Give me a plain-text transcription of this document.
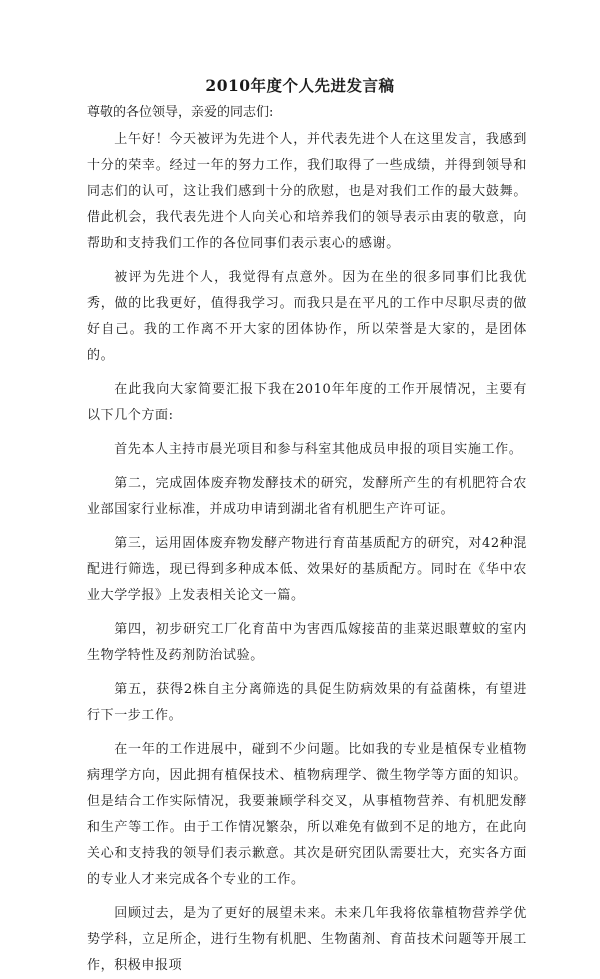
2010年度个人先进发言稿
尊敬的各位领导，亲爱的同志们:

上午好！今天被评为先进个人，并代表先进个人在这里发言，我感到十分的荣幸。经过一年的努力工作，我们取得了一些成绩，并得到领导和同志们的认可，这让我们感到十分的欣慰，也是对我们工作的最大鼓舞。借此机会，我代表先进个人向关心和培养我们的领导表示由衷的敬意，向帮助和支持我们工作的各位同事们表示衷心的感谢。

被评为先进个人，我觉得有点意外。因为在坐的很多同事们比我优秀，做的比我更好，值得我学习。而我只是在平凡的工作中尽职尽责的做好自己。我的工作离不开大家的团体协作，所以荣誉是大家的，是团体的。

在此我向大家简要汇报下我在2010年年度的工作开展情况，主要有以下几个方面:

首先本人主持市晨光项目和参与科室其他成员申报的项目实施工作。

第二，完成固体废弃物发酵技术的研究，发酵所产生的有机肥符合农业部国家行业标准，并成功申请到湖北省有机肥生产许可证。

第三，运用固体废弃物发酵产物进行育苗基质配方的研究，对42种混配进行筛选，现已得到多种成本低、效果好的基质配方。同时在《华中农业大学学报》上发表相关论文一篇。

第四，初步研究工厂化育苗中为害西瓜嫁接苗的韭菜迟眼蕈蚊的室内生物学特性及药剂防治试验。

第五，获得2株自主分离筛选的具促生防病效果的有益菌株，有望进行下一步工作。

在一年的工作进展中，碰到不少问题。比如我的专业是植保专业植物病理学方向，因此拥有植保技术、植物病理学、微生物学等方面的知识。但是结合工作实际情况，我要兼顾学科交叉，从事植物营养、有机肥发酵和生产等工作。由于工作情况繁杂，所以难免有做到不足的地方，在此向关心和支持我的领导们表示歉意。其次是研究团队需要壮大，充实各方面的专业人才来完成各个专业的工作。

回顾过去，是为了更好的展望未来。未来几年我将依靠植物营养学优势学科，立足所企，进行生物有机肥、生物菌剂、育苗技术问题等开展工作，积极申报项
